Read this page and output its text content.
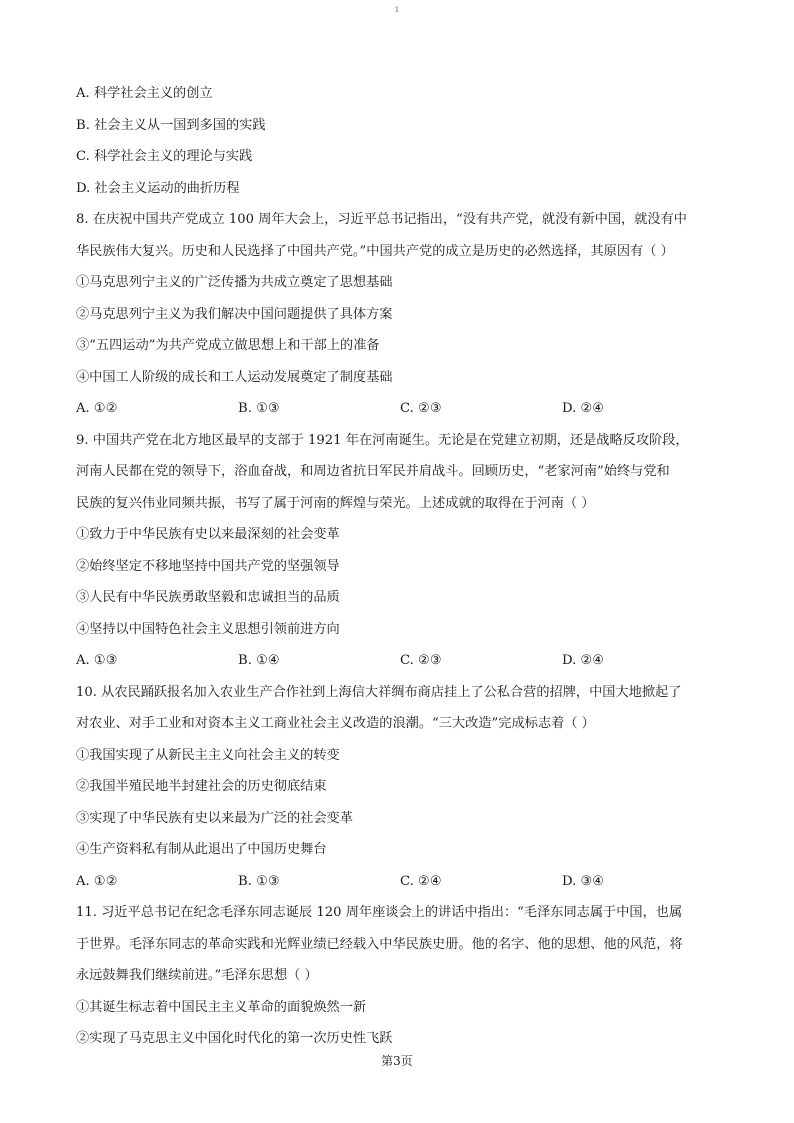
1
A. 科学社会主义的创立
B. 社会主义从一国到多国的实践
C. 科学社会主义的理论与实践
D. 社会主义运动的曲折历程
8. 在庆祝中国共产党成立 100 周年大会上，习近平总书记指出，“没有共产党，就没有新中国，就没有中
华民族伟大复兴。历史和人民选择了中国共产党。”中国共产党的成立是历史的必然选择，其原因有（ ）
①马克思列宁主义的广泛传播为共成立奠定了思想基础
②马克思列宁主义为我们解决中国问题提供了具体方案
③“五四运动”为共产党成立做思想上和干部上的准备
④中国工人阶级的成长和工人运动发展奠定了制度基础
A. ①②	B. ①③	C. ②③	D. ②④
9. 中国共产党在北方地区最早的支部于 1921 年在河南诞生。无论是在党建立初期，还是战略反攻阶段，
河南人民都在党的领导下，浴血奋战，和周边省抗日军民并肩战斗。回顾历史，“老家河南”始终与党和
民族的复兴伟业同频共振，书写了属于河南的辉煌与荣光。上述成就的取得在于河南（ ）
①致力于中华民族有史以来最深刻的社会变革
②始终坚定不移地坚持中国共产党的坚强领导
③人民有中华民族勇敢坚毅和忠诚担当的品质
④坚持以中国特色社会主义思想引领前进方向
A. ①③	B. ①④	C. ②③	D. ②④
10. 从农民踊跃报名加入农业生产合作社到上海信大祥绸布商店挂上了公私合营的招牌，中国大地掀起了
对农业、对手工业和对资本主义工商业社会主义改造的浪潮。“三大改造”完成标志着（ ）
①我国实现了从新民主主义向社会主义的转变
②我国半殖民地半封建社会的历史彻底结束
③实现了中华民族有史以来最为广泛的社会变革
④生产资料私有制从此退出了中国历史舞台
A. ①②	B. ①③	C. ②④	D. ③④
11. 习近平总书记在纪念毛泽东同志诞辰 120 周年座谈会上的讲话中指出：“毛泽东同志属于中国，也属
于世界。毛泽东同志的革命实践和光辉业绩已经载入中华民族史册。他的名字、他的思想、他的风范，将
永远鼓舞我们继续前进。”毛泽东思想（ ）
①其诞生标志着中国民主主义革命的面貌焕然一新
②实现了马克思主义中国化时代化的第一次历史性飞跃
第3页
